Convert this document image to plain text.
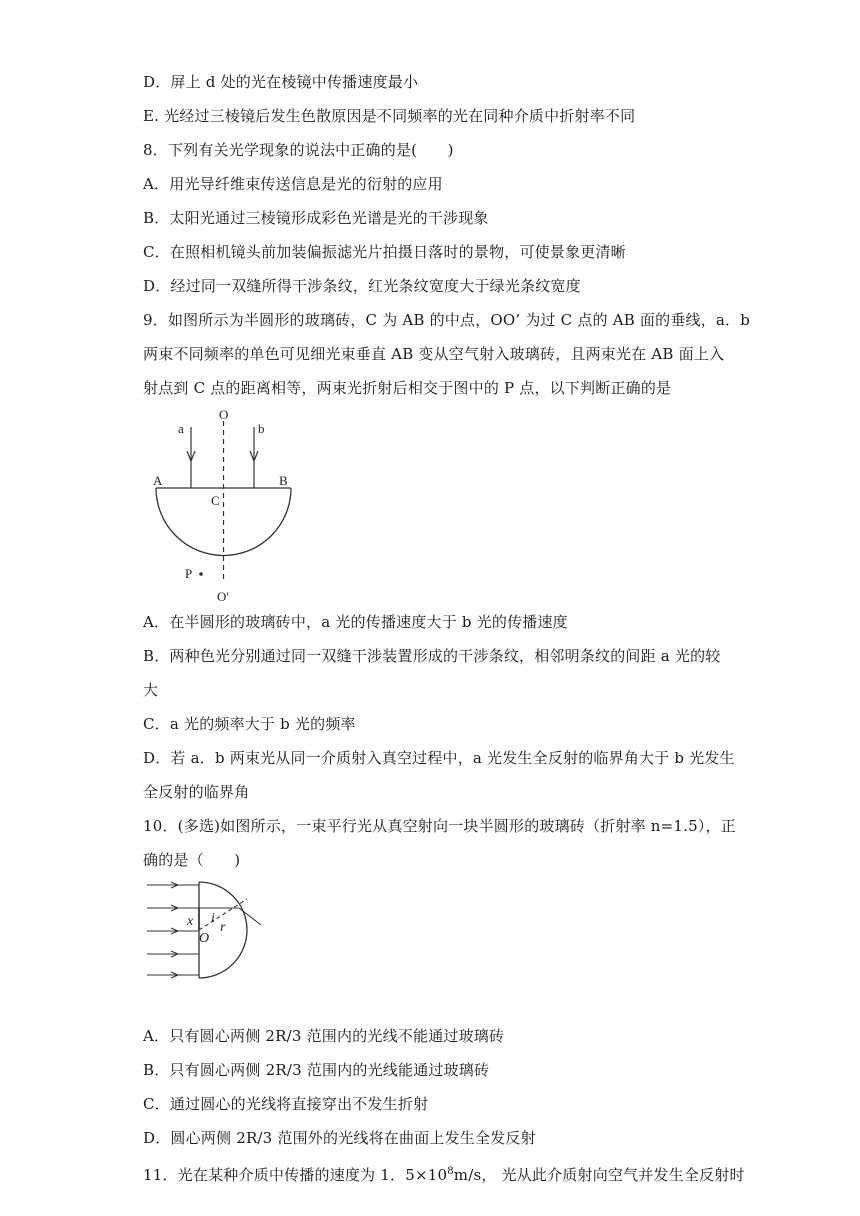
D．屏上 d 处的光在棱镜中传播速度最小
E. 光经过三棱镜后发生色散原因是不同频率的光在同种介质中折射率不同
8．下列有关光学现象的说法中正确的是(　　)
A．用光导纤维束传送信息是光的衍射的应用
B．太阳光通过三棱镜形成彩色光谱是光的干涉现象
C．在照相机镜头前加装偏振滤光片拍摄日落时的景物，可使景象更清晰
D．经过同一双缝所得干涉条纹，红光条纹宽度大于绿光条纹宽度
9．如图所示为半圆形的玻璃砖，C 为 AB 的中点，OO’ 为过 C 点的 AB 面的垂线，a．b
两束不同频率的单色可见细光束垂直 AB 变从空气射入玻璃砖，且两束光在 AB 面上入
射点到 C 点的距离相等，两束光折射后相交于图中的 P 点，以下判断正确的是
O
a	b
A	B
C
P
O'
A．在半圆形的玻璃砖中，a 光的传播速度大于 b 光的传播速度
B．两种色光分别通过同一双缝干涉装置形成的干涉条纹，相邻明条纹的间距 a 光的较
大
C．a 光的频率大于 b 光的频率
D．若 a．b 两束光从同一介质射入真空过程中，a 光发生全反射的临界角大于 b 光发生
全反射的临界角
10．(多选)如图所示，一束平行光从真空射向一块半圆形的玻璃砖（折射率 n=1.5），正
确的是（　　)
x i
r
O
A．只有圆心两侧 2R/3 范围内的光线不能通过玻璃砖
B．只有圆心两侧 2R/3 范围内的光线能通过玻璃砖
C．通过圆心的光线将直接穿出不发生折射
D．圆心两侧 2R/3 范围外的光线将在曲面上发生全发反射
11．光在某种介质中传播的速度为 1．$5\times 10^8m/s$， 光从此介质射向空气并发生全反射时
